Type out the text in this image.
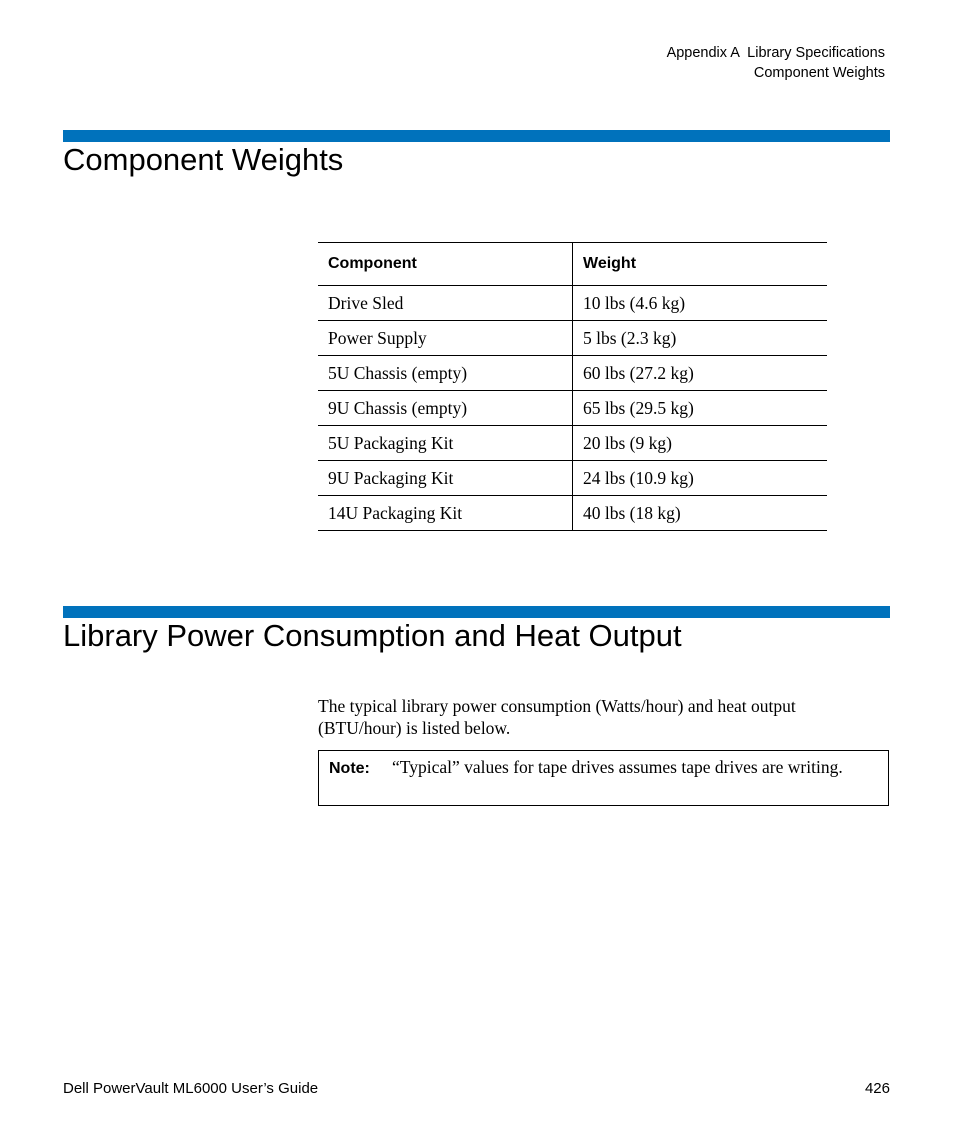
Appendix A  Library Specifications
Component Weights
Component Weights
Component	Weight
Drive Sled	10 lbs (4.6 kg)
Power Supply	5 lbs (2.3 kg)
5U Chassis (empty)	60 lbs (27.2 kg)
9U Chassis (empty)	65 lbs (29.5 kg)
5U Packaging Kit	20 lbs (9 kg)
9U Packaging Kit	24 lbs (10.9 kg)
14U Packaging Kit	40 lbs (18 kg)
Library Power Consumption and Heat Output

The typical library power consumption (Watts/hour) and heat output (BTU/hour) is listed below.

Note: “Typical” values for tape drives assumes tape drives are writing.
Dell PowerVault ML6000 User’s Guide	426
